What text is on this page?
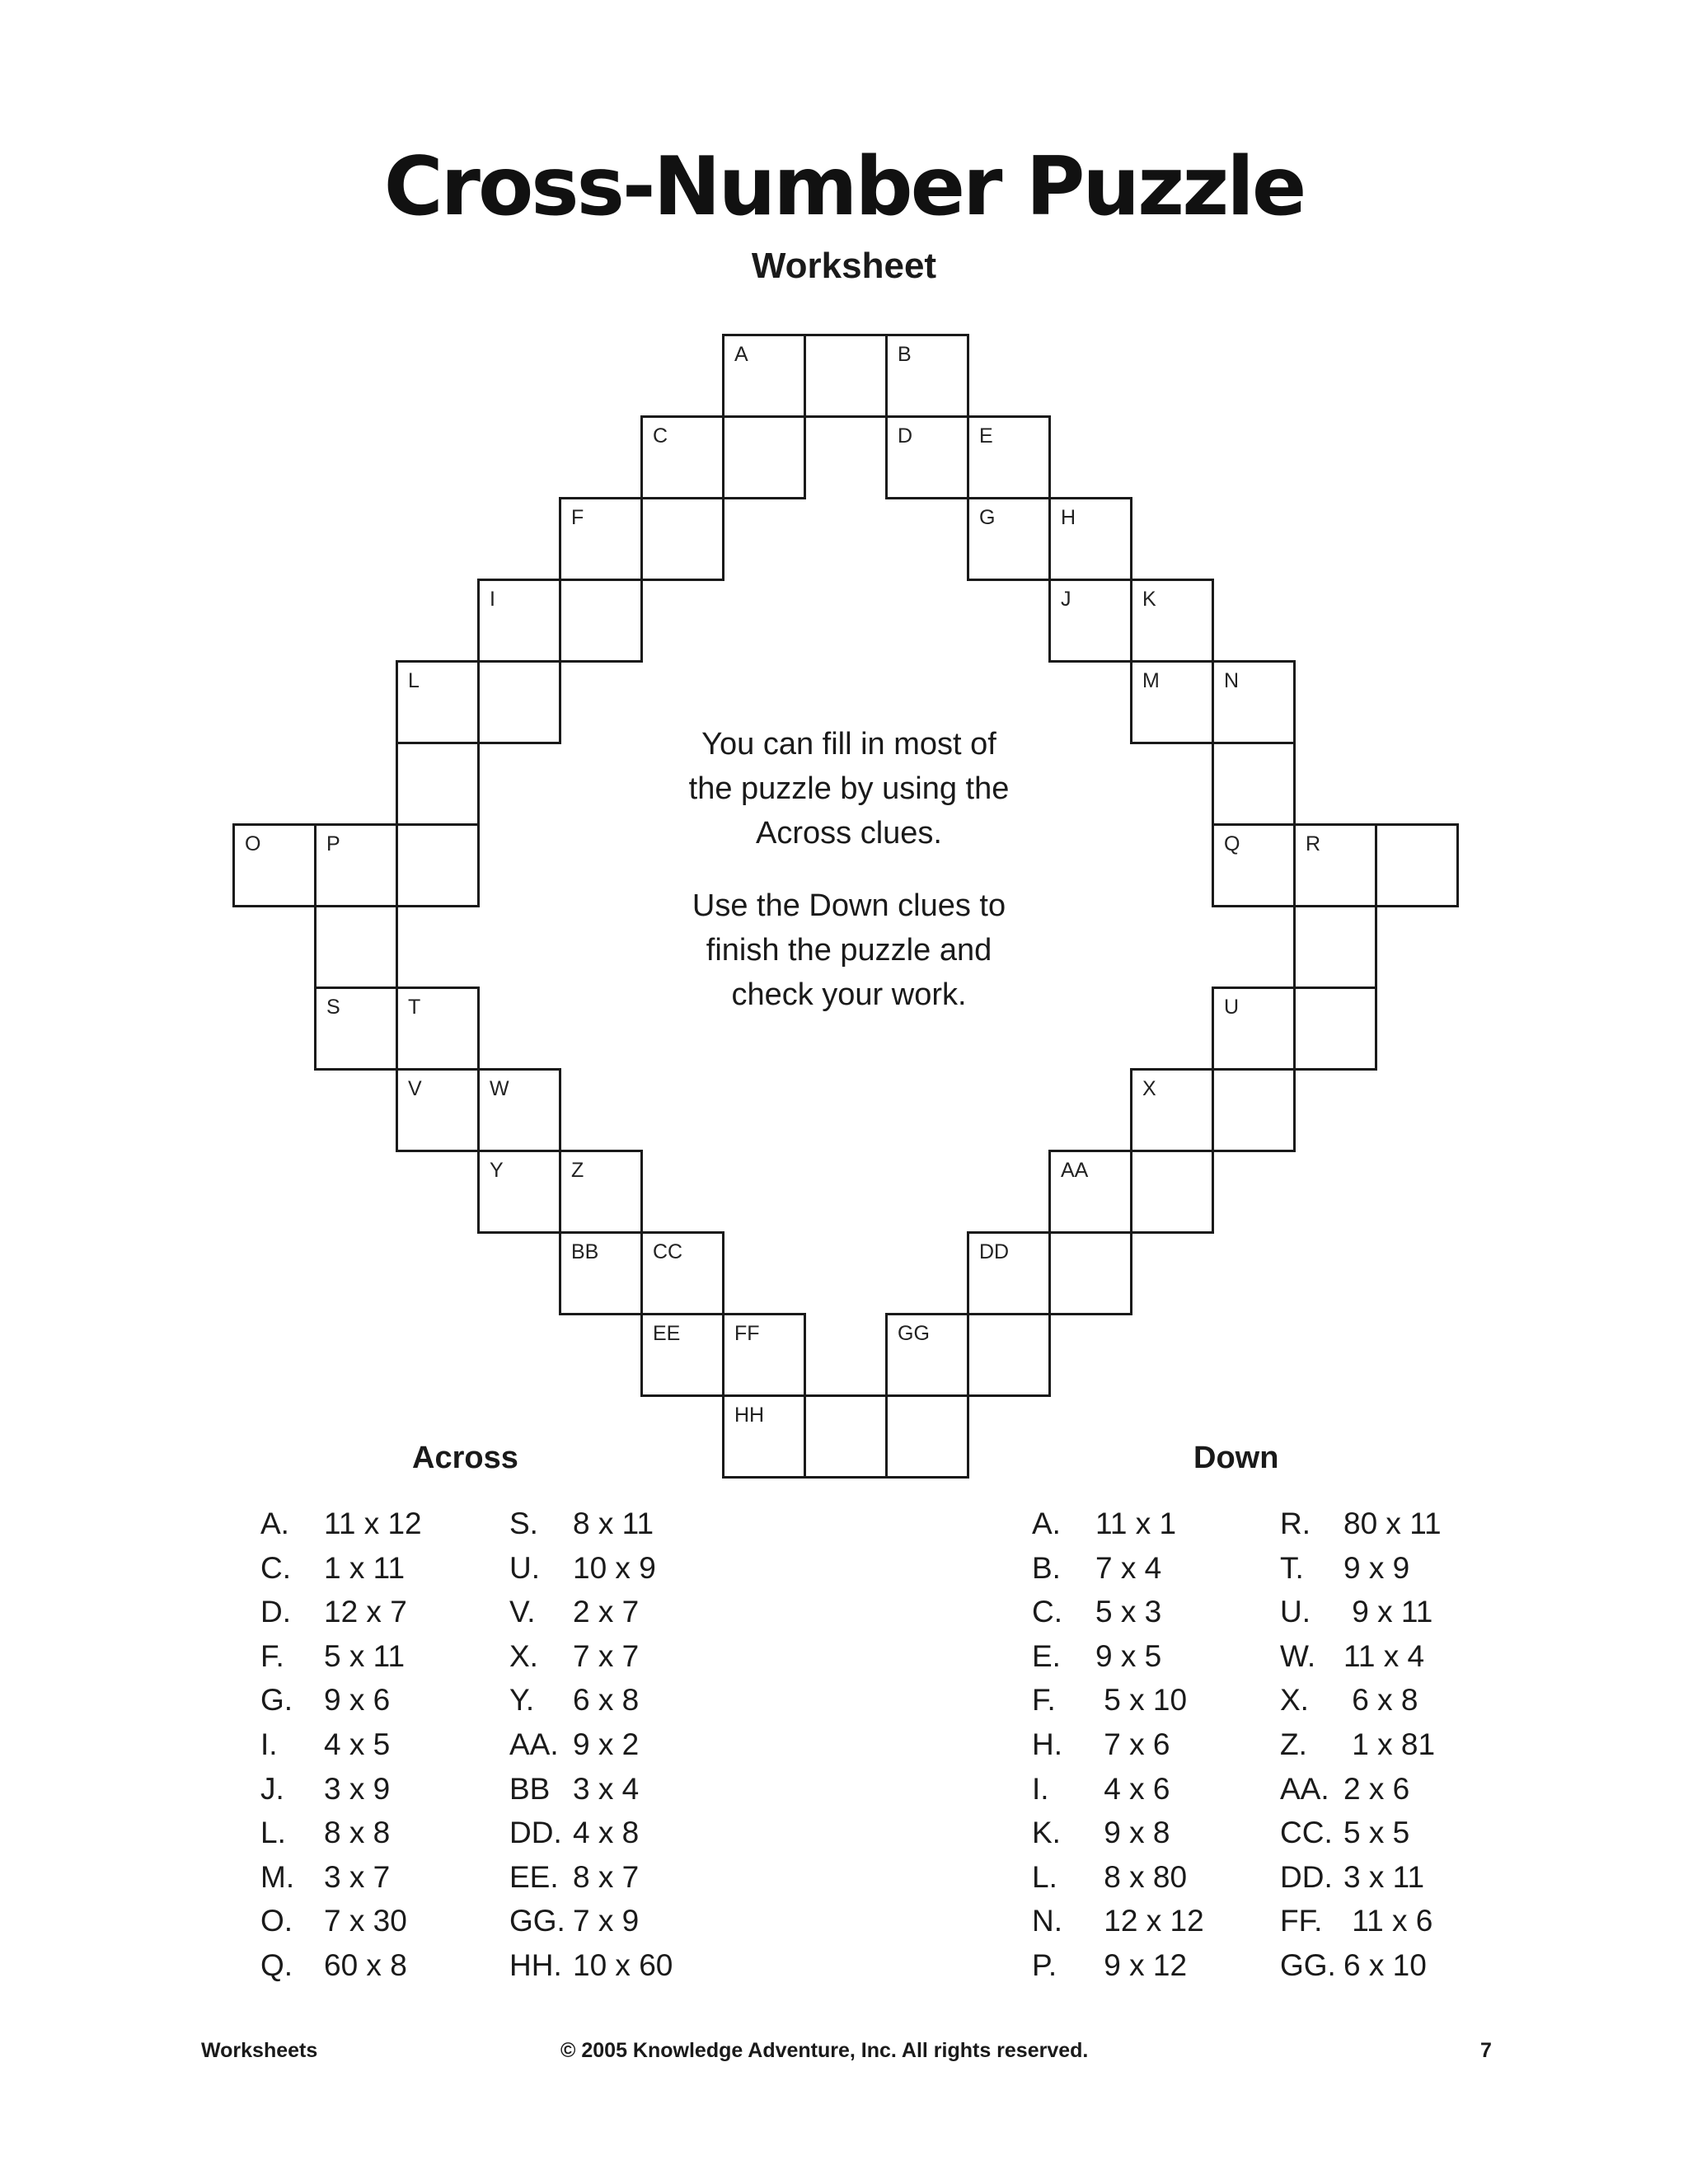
Cross-Number Puzzle
Worksheet
A	B
C	D	E
F	G	H
I	J	K
L	M	N
O	P	Q	R
S	T	U
V	W	X
Y	Z	AA
BB	CC	DD
EE	FF	GG
HH
You can fill in most of
the puzzle by using the
Across clues.
Use the Down clues to
finish the puzzle and
check your work.
Across	Down
A. 11 x 12
C. 1 x 11
D. 12 x 7
F. 5 x 11
G. 9 x 6
I. 4 x 5
J. 3 x 9
L. 8 x 8
M. 3 x 7
O. 7 x 30
Q. 60 x 8
S. 8 x 11
U. 10 x 9
V. 2 x 7
X. 7 x 7
Y. 6 x 8
AA. 9 x 2
BB 3 x 4
DD. 4 x 8
EE. 8 x 7
GG. 7 x 9
HH. 10 x 60
A. 11 x 1
B. 7 x 4
C. 5 x 3
E. 9 x 5
F. 5 x 10
H. 7 x 6
I. 4 x 6
K. 9 x 8
L. 8 x 80
N. 12 x 12
P. 9 x 12
R. 80 x 11
T. 9 x 9
U. 9 x 11
W. 11 x 4
X. 6 x 8
Z. 1 x 81
AA. 2 x 6
CC. 5 x 5
DD. 3 x 11
FF. 11 x 6
GG. 6 x 10
Worksheets	© 2005 Knowledge Adventure, Inc. All rights reserved.	7
